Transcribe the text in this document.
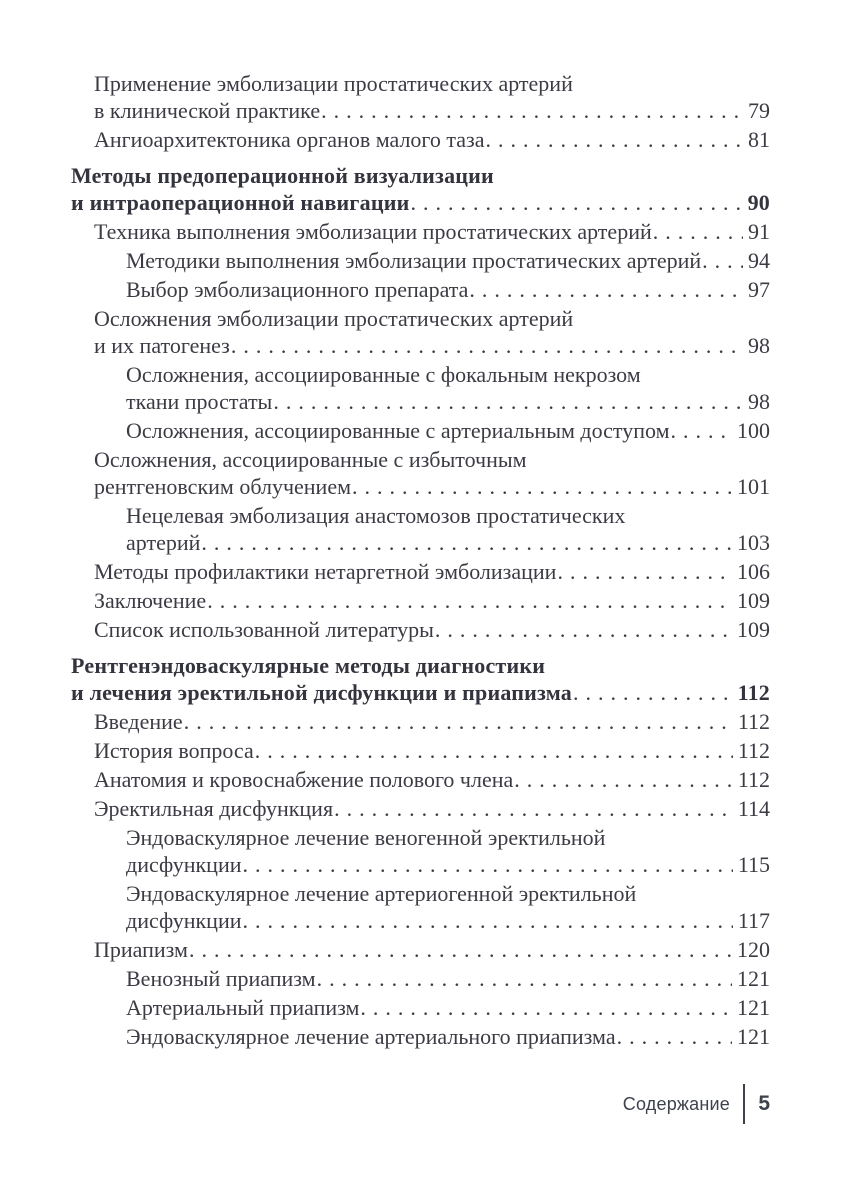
Применение эмболизации простатических артерий
в клинической практике .....	79
Ангиоархитектоника органов малого таза .....	81
Методы предоперационной визуализации
и интраоперационной навигации .....	90
Техника выполнения эмболизации простатических артерий .....	91
Методики выполнения эмболизации простатических артерий ..... 94
Выбор эмболизационного препарата .....	97
Осложнения эмболизации простатических артерий
и их патогенез .....	98
Осложнения, ассоциированные с фокальным некрозом
ткани простаты .....	98
Осложнения, ассоциированные с артериальным доступом .....	100
Осложнения, ассоциированные с избыточным
рентгеновским облучением .....	101
Нецелевая эмболизация анастомозов простатических
артерий .....	103
Методы профилактики нетаргетной эмболизации .....	106
Заключение .....	109
Список использованной литературы .....	109
Рентгенэндоваскулярные методы диагностики
и лечения эректильной дисфункции и приапизма .....	112
Введение .....	112
История вопроса .....	112
Анатомия и кровоснабжение полового члена .....	112
Эректильная дисфункция .....	114
Эндоваскулярное лечение веногенной эректильной
дисфункции .....	115
Эндоваскулярное лечение артериогенной эректильной
дисфункции .....	117
Приапизм .....	120
Венозный приапизм .....	121
Артериальный приапизм .....	121
Эндоваскулярное лечение артериального приапизма .....	121
Содержание 5
